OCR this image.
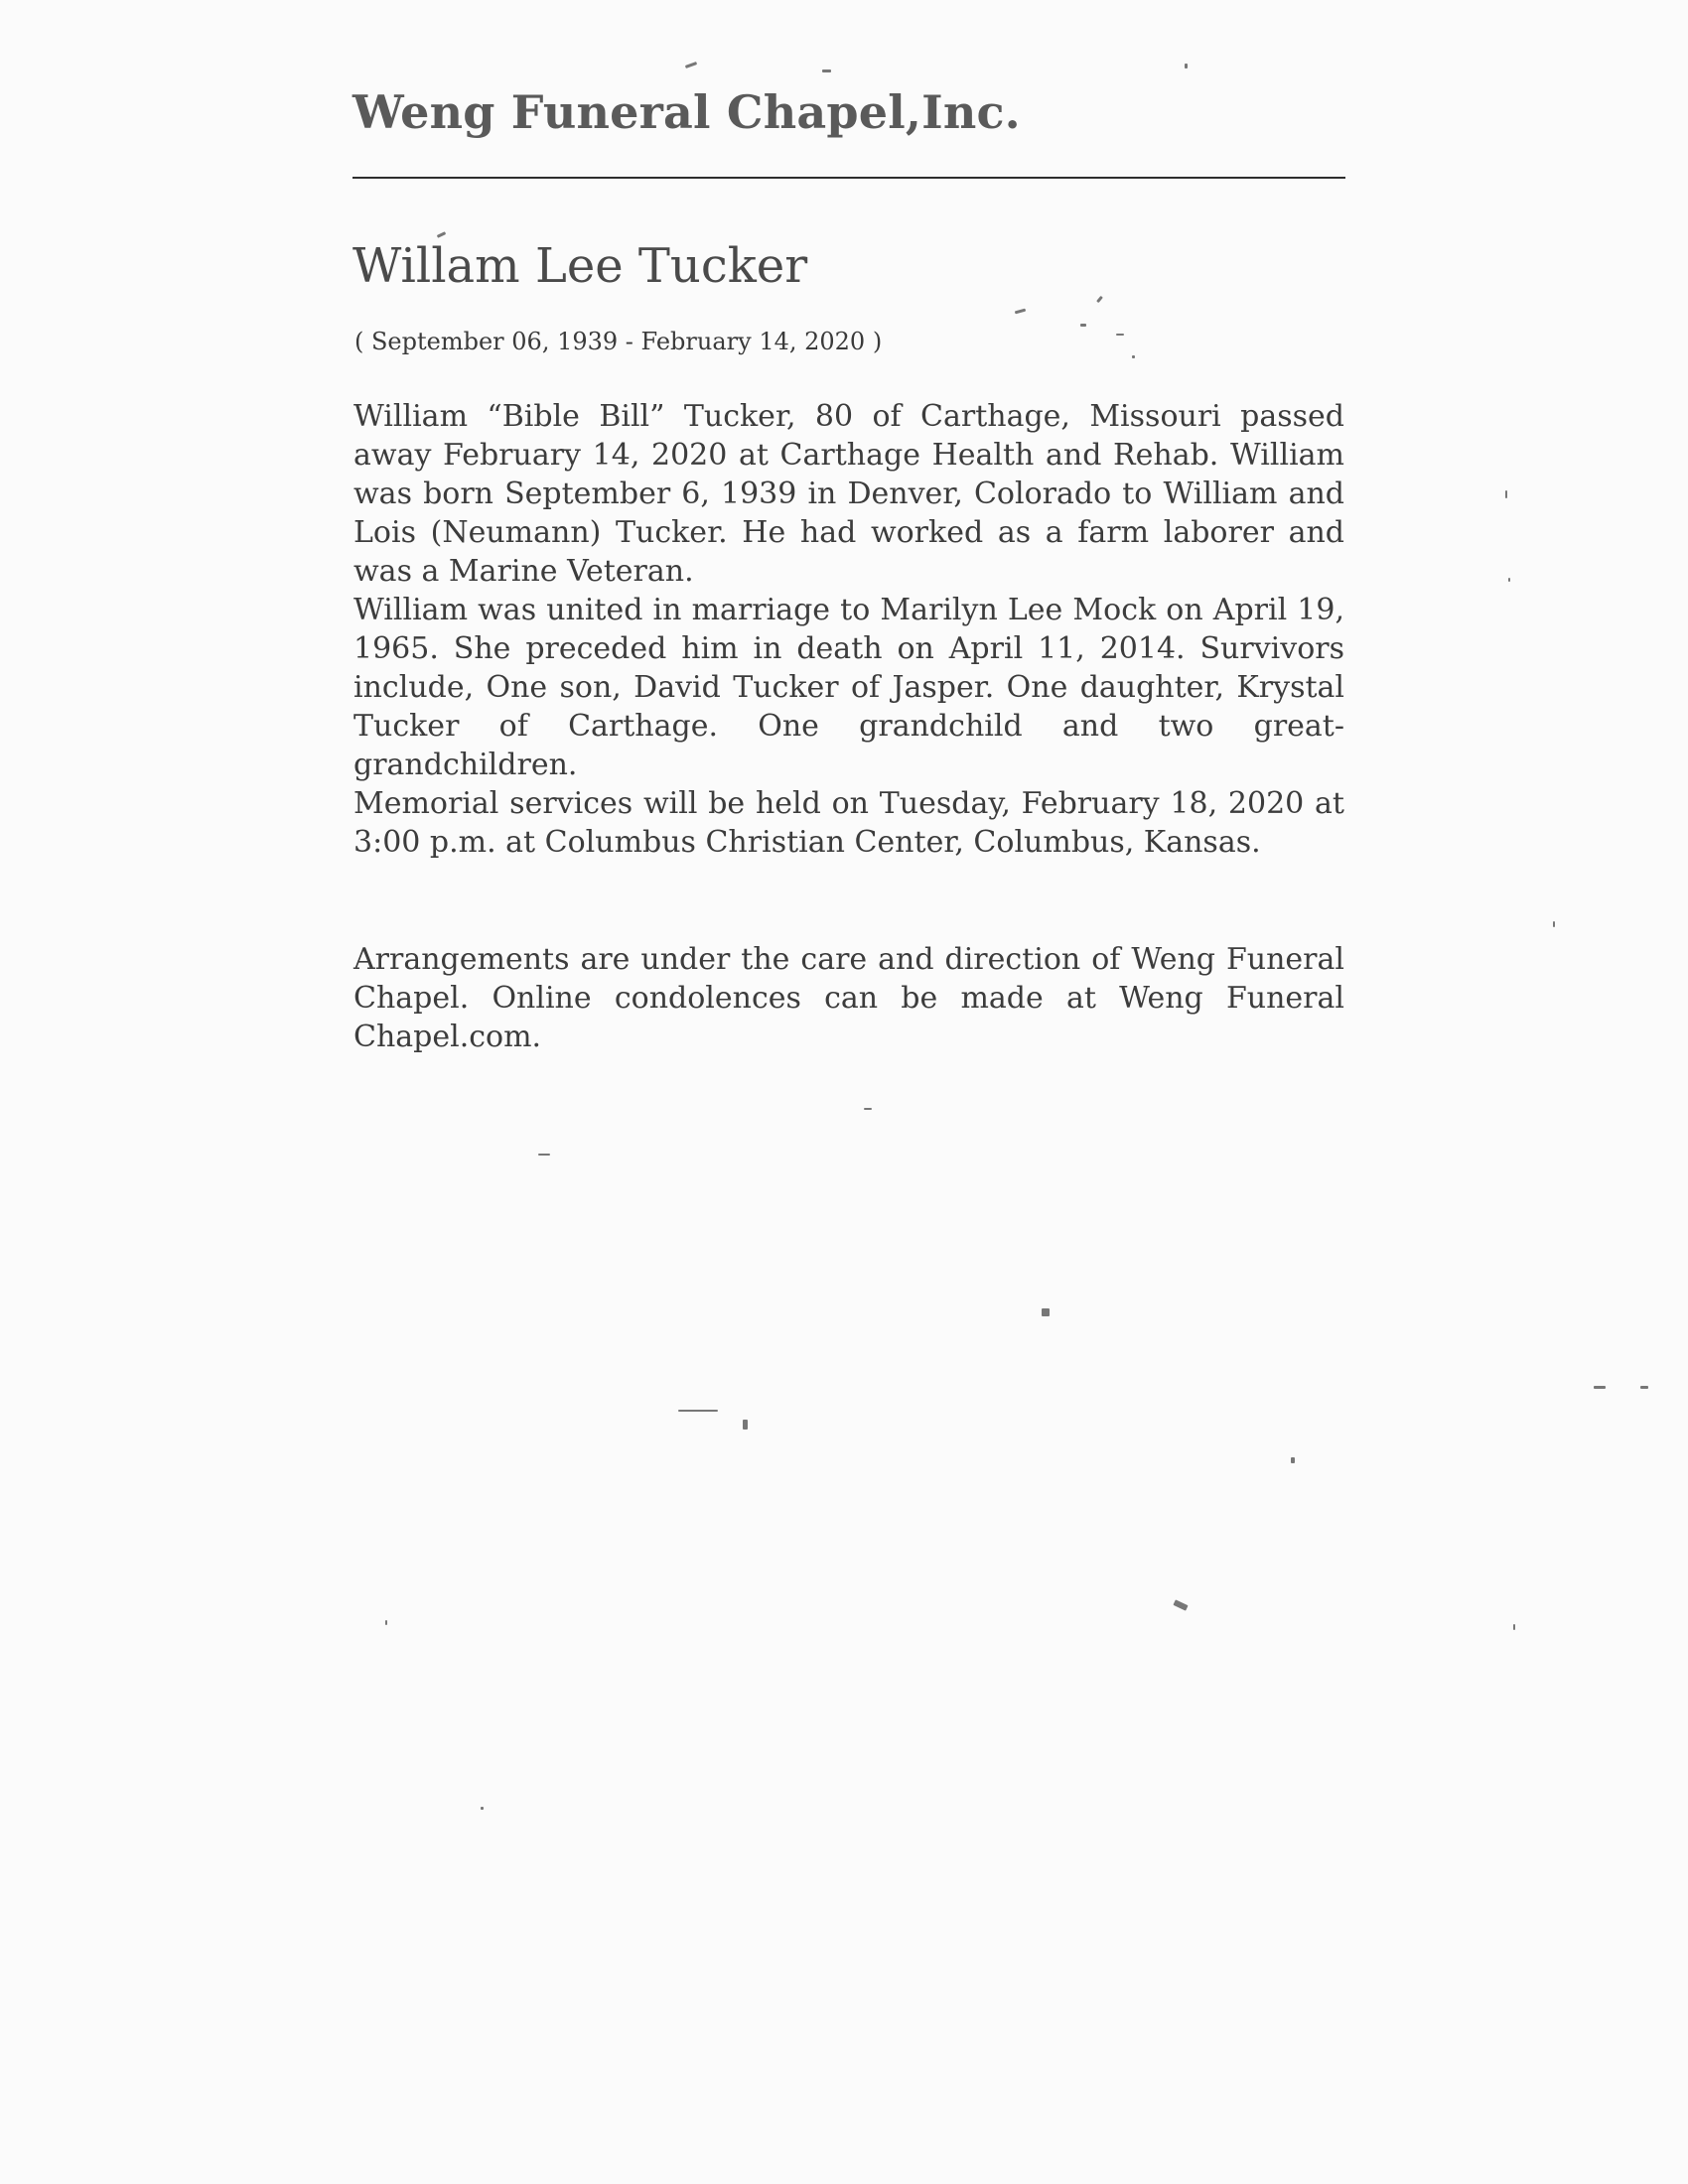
Weng Funeral Chapel,Inc.
Willam Lee Tucker
( September 06, 1939 - February 14, 2020 )

William “Bible Bill” Tucker, 80 of Carthage, Missouri passed away February 14, 2020 at Carthage Health and Rehab. William was born September 6, 1939 in Denver, Colorado to William and Lois (Neumann) Tucker. He had worked as a farm laborer and was a Marine Veteran.

William was united in marriage to Marilyn Lee Mock on April 19, 1965. She preceded him in death on April 11, 2014. Survivors include, One son, David Tucker of Jasper. One daughter, Krystal Tucker of Carthage. One grandchild and two great-grandchildren.

Memorial services will be held on Tuesday, February 18, 2020 at 3:00 p.m. at Columbus Christian Center, Columbus, Kansas.

Arrangements are under the care and direction of Weng Funeral Chapel. Online condolences can be made at Weng Funeral Chapel.com.
